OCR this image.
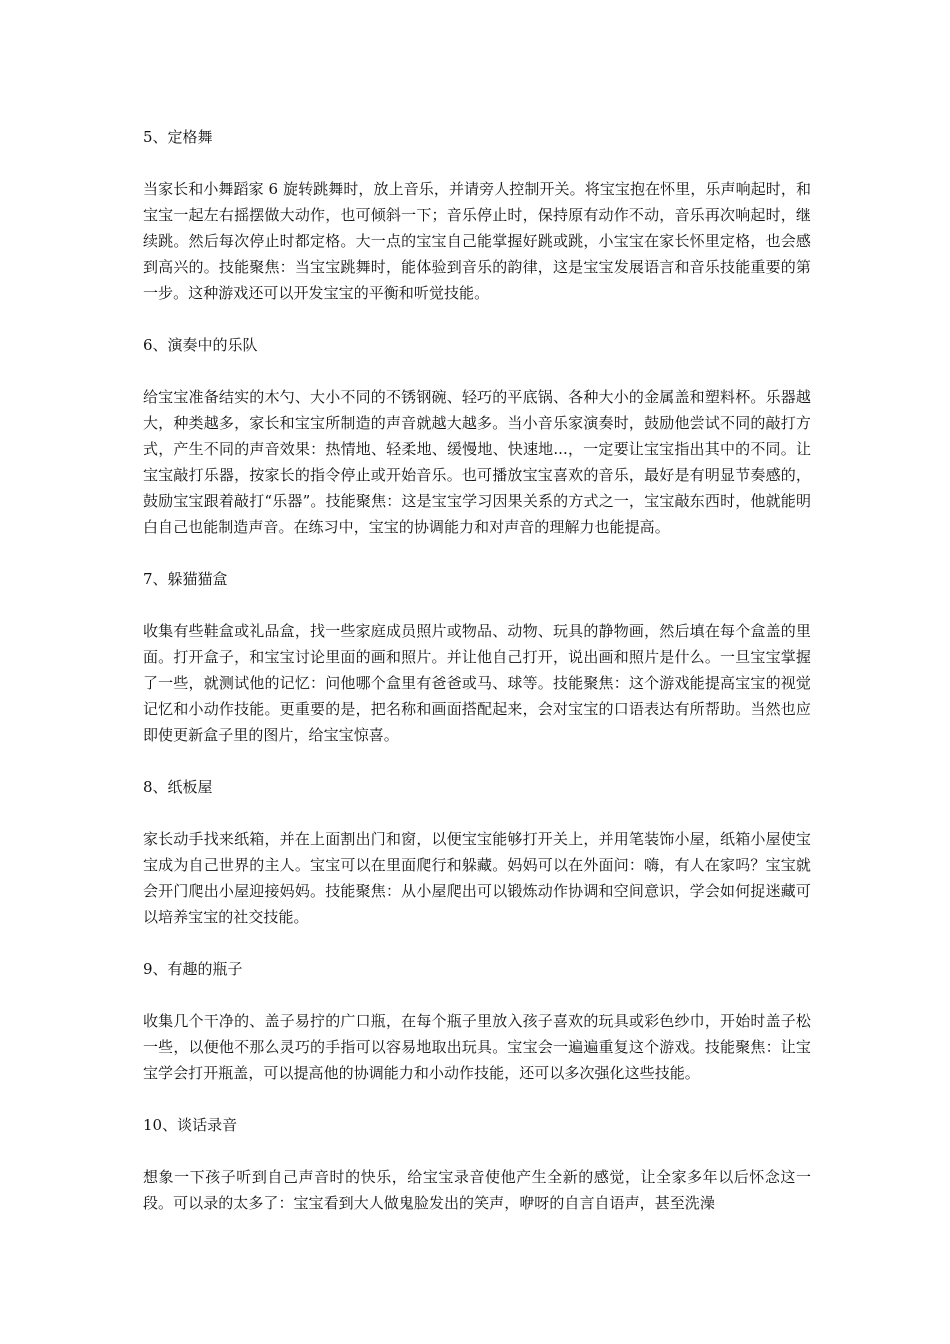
5、定格舞

当家长和小舞蹈家 6 旋转跳舞时，放上音乐，并请旁人控制开关。将宝宝抱在怀里，乐声响起时，和宝宝一起左右摇摆做大动作，也可倾斜一下；音乐停止时，保持原有动作不动，音乐再次响起时，继续跳。然后每次停止时都定格。大一点的宝宝自己能掌握好跳或跳，小宝宝在家长怀里定格，也会感到高兴的。技能聚焦：当宝宝跳舞时，能体验到音乐的韵律，这是宝宝发展语言和音乐技能重要的第一步。这种游戏还可以开发宝宝的平衡和听觉技能。

6、演奏中的乐队

给宝宝准备结实的木勺、大小不同的不锈钢碗、轻巧的平底锅、各种大小的金属盖和塑料杯。乐器越大，种类越多，家长和宝宝所制造的声音就越大越多。当小音乐家演奏时，鼓励他尝试不同的敲打方式，产生不同的声音效果：热情地、轻柔地、缓慢地、快速地...，一定要让宝宝指出其中的不同。让宝宝敲打乐器，按家长的指令停止或开始音乐。也可播放宝宝喜欢的音乐，最好是有明显节奏感的，鼓励宝宝跟着敲打“乐器”。技能聚焦：这是宝宝学习因果关系的方式之一，宝宝敲东西时，他就能明白自己也能制造声音。在练习中，宝宝的协调能力和对声音的理解力也能提高。

7、躲猫猫盒

收集有些鞋盒或礼品盒，找一些家庭成员照片或物品、动物、玩具的静物画，然后填在每个盒盖的里面。打开盒子，和宝宝讨论里面的画和照片。并让他自己打开，说出画和照片是什么。一旦宝宝掌握了一些，就测试他的记忆：问他哪个盒里有爸爸或马、球等。技能聚焦：这个游戏能提高宝宝的视觉记忆和小动作技能。更重要的是，把名称和画面搭配起来，会对宝宝的口语表达有所帮助。当然也应即使更新盒子里的图片，给宝宝惊喜。

8、纸板屋

家长动手找来纸箱，并在上面割出门和窗，以便宝宝能够打开关上，并用笔装饰小屋，纸箱小屋使宝宝成为自己世界的主人。宝宝可以在里面爬行和躲藏。妈妈可以在外面问：嗨，有人在家吗？宝宝就会开门爬出小屋迎接妈妈。技能聚焦：从小屋爬出可以锻炼动作协调和空间意识，学会如何捉迷藏可以培养宝宝的社交技能。

9、有趣的瓶子

收集几个干净的、盖子易拧的广口瓶，在每个瓶子里放入孩子喜欢的玩具或彩色纱巾，开始时盖子松一些，以便他不那么灵巧的手指可以容易地取出玩具。宝宝会一遍遍重复这个游戏。技能聚焦：让宝宝学会打开瓶盖，可以提高他的协调能力和小动作技能，还可以多次强化这些技能。

10、谈话录音

想象一下孩子听到自己声音时的快乐，给宝宝录音使他产生全新的感觉，让全家多年以后怀念这一段。可以录的太多了：宝宝看到大人做鬼脸发出的笑声，咿呀的自言自语声，甚至洗澡
